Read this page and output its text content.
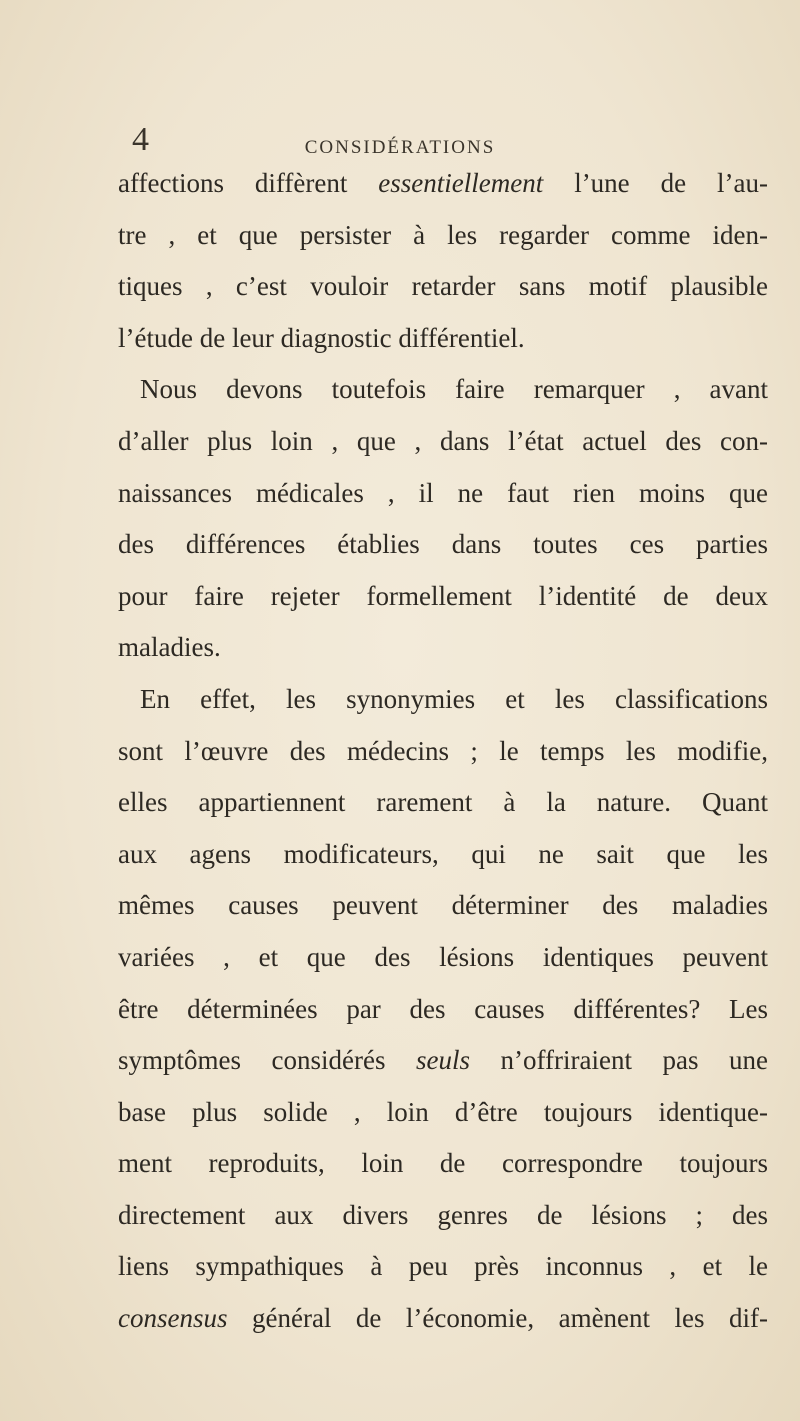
4	CONSIDÉRATIONS
affections diffèrent essentiellement l’une de l’au-
tre , et que persister à les regarder comme iden-
tiques , c’est vouloir retarder sans motif plausible
l’étude de leur diagnostic différentiel.
Nous devons toutefois faire remarquer , avant
d’aller plus loin , que , dans l’état actuel des con-
naissances médicales , il ne faut rien moins que
des différences établies dans toutes ces parties
pour faire rejeter formellement l’identité de deux
maladies.
En effet, les synonymies et les classifications
sont l’œuvre des médecins ; le temps les modifie,
elles appartiennent rarement à la nature. Quant
aux agens modificateurs, qui ne sait que les
mêmes causes peuvent déterminer des maladies
variées , et que des lésions identiques peuvent
être déterminées par des causes différentes? Les
symptômes considérés seuls n’offriraient pas une
base plus solide , loin d’être toujours identique-
ment reproduits, loin de correspondre toujours
directement aux divers genres de lésions ; des
liens sympathiques à peu près inconnus , et le
consensus général de l’économie, amènent les dif-
